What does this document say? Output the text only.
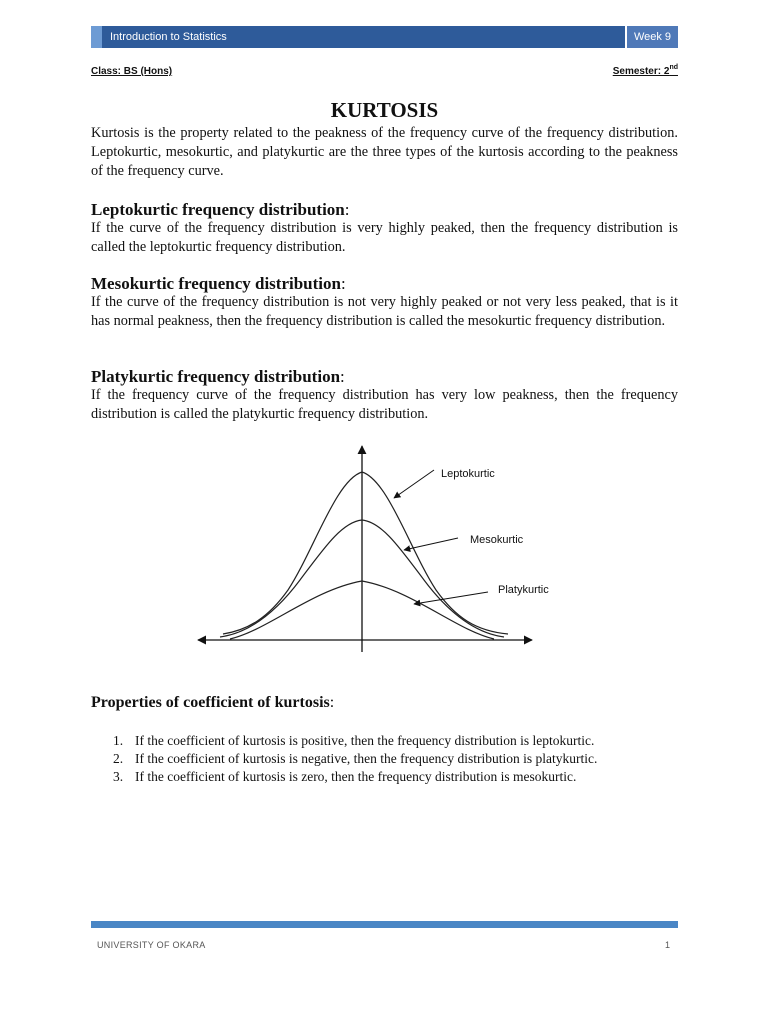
Introduction to Statistics	Week 9
Class: BS (Hons)	Semester: 2nd
KURTOSIS
Kurtosis is the property related to the peakness of the frequency curve of the frequency distribution. Leptokurtic, mesokurtic, and platykurtic are the three types of the kurtosis according to the peakness of the frequency curve.
Leptokurtic frequency distribution:
If the curve of the frequency distribution is very highly peaked, then the frequency distribution is called the leptokurtic frequency distribution.
Mesokurtic frequency distribution:
If the curve of the frequency distribution is not very highly peaked or not very less peaked, that is it has normal peakness, then the frequency distribution is called the mesokurtic frequency distribution.
Platykurtic frequency distribution:
If the frequency curve of the frequency distribution has very low peakness, then the frequency distribution is called the platykurtic frequency distribution.
Leptokurtic
Mesokurtic
Platykurtic
Properties of coefficient of kurtosis:
1. If the coefficient of kurtosis is positive, then the frequency distribution is leptokurtic.
2. If the coefficient of kurtosis is negative, then the frequency distribution is platykurtic.
3. If the coefficient of kurtosis is zero, then the frequency distribution is mesokurtic.
UNIVERSITY OF OKARA	1
